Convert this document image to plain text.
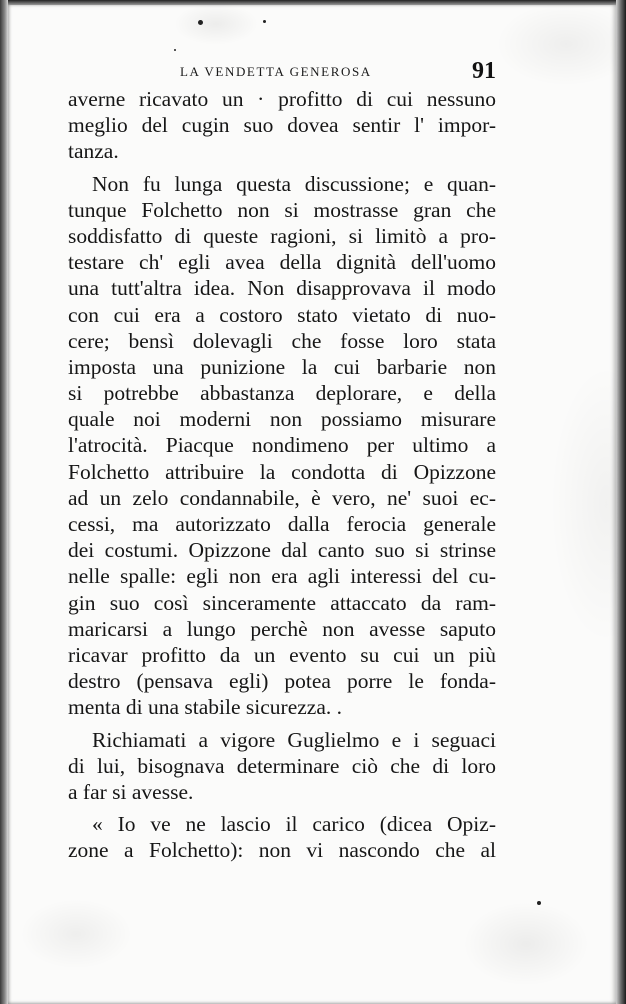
LA VENDETTA GENEROSA	91
averne ricavato un · profitto di cui nessuno
meglio del cugin suo dovea sentir l' impor-
tanza.
Non fu lunga questa discussione; e quan-
tunque Folchetto non si mostrasse gran che
soddisfatto di queste ragioni, si limitò a pro-
testare ch' egli avea della dignità dell'uomo
una tutt'altra idea. Non disapprovava il modo
con cui era a costoro stato vietato di nuo-
cere; bensì dolevagli che fosse loro stata
imposta una punizione la cui barbarie non
si potrebbe abbastanza deplorare, e della
quale noi moderni non possiamo misurare
l'atrocità. Piacque nondimeno per ultimo a
Folchetto attribuire la condotta di Opizzone
ad un zelo condannabile, è vero, ne' suoi ec-
cessi, ma autorizzato dalla ferocia generale
dei costumi. Opizzone dal canto suo si strinse
nelle spalle: egli non era agli interessi del cu-
gin suo così sinceramente attaccato da ram-
maricarsi a lungo perchè non avesse saputo
ricavar profitto da un evento su cui un più
destro (pensava egli) potea porre le fonda-
menta di una stabile sicurezza. .
Richiamati a vigore Guglielmo e i seguaci
di lui, bisognava determinare ciò che di loro
a far si avesse.
« Io ve ne lascio il carico (dicea Opiz-
zone a Folchetto): non vi nascondo che al
